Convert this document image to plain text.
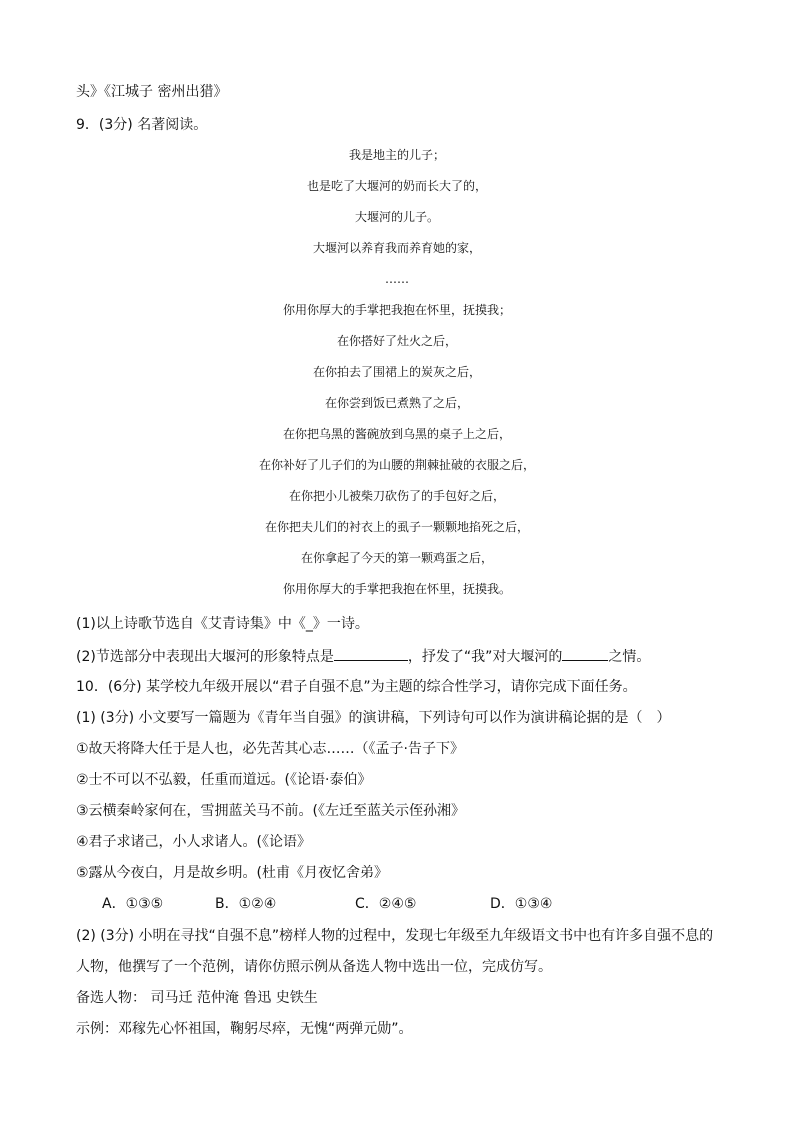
头》《江城子 密州出猎》
9．(3分) 名著阅读。
我是地主的儿子；
也是吃了大堰河的奶而长大了的，
大堰河的儿子。
大堰河以养育我而养育她的家，
……
你用你厚大的手掌把我抱在怀里，抚摸我；
在你搭好了灶火之后，
在你拍去了围裙上的炭灰之后，
在你尝到饭已煮熟了之后，
在你把乌黑的酱碗放到乌黑的桌子上之后，
在你补好了儿子们的为山腰的荆棘扯破的衣服之后，
在你把小儿被柴刀砍伤了的手包好之后，
在你把夫儿们的衬衣上的虱子一颗颗地掐死之后，
在你拿起了今天的第一颗鸡蛋之后，
你用你厚大的手掌把我抱在怀里，抚摸我。
(1)以上诗歌节选自《艾青诗集》中《_》一诗。
(2)节选部分中表现出大堰河的形象特点是	，抒发了“我”对大堰河的	之情。
10．(6分) 某学校九年级开展以“君子自强不息”为主题的综合性学习，请你完成下面任务。
(1) (3分) 小文要写一篇题为《青年当自强》的演讲稿，下列诗句可以作为演讲稿论据的是（　）
①故天将降大任于是人也，必先苦其心志……（《孟子·告子下》
②士不可以不弘毅，任重而道远。(《论语·泰伯》
③云横秦岭家何在，雪拥蓝关马不前。(《左迁至蓝关示侄孙湘》
④君子求诸己，小人求诸人。(《论语》
⑤露从今夜白，月是故乡明。(杜甫《月夜忆舍弟》
A．①③⑤	B．①②④	C．②④⑤	D．①③④
(2) (3分) 小明在寻找“自强不息”榜样人物的过程中，发现七年级至九年级语文书中也有许多自强不息的
人物，他撰写了一个范例，请你仿照示例从备选人物中选出一位，完成仿写。
备选人物： 司马迁 范仲淹 鲁迅 史铁生
示例：邓稼先心怀祖国，鞠躬尽瘁，无愧“两弹元勋”。
